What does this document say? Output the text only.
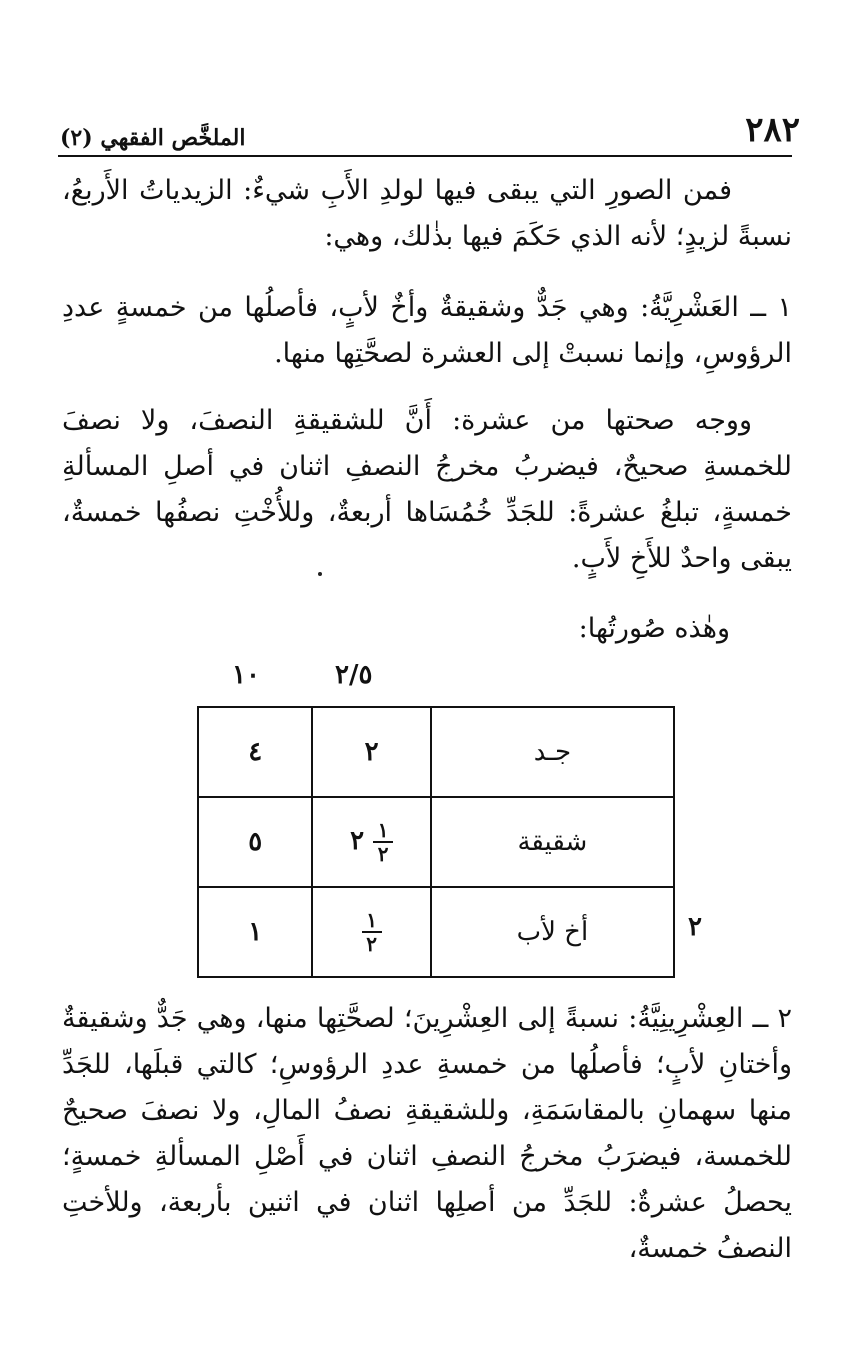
٢٨٢
الملخَّص الفقهي (٢)
فمن الصورِ التي يبقى فيها لولدِ الأَبِ شيءٌ: الزيدياتُ الأَربعُ، نسبةً لزيدٍ؛ لأنه الذي حَكَمَ فيها بذٰلك، وهي:
١ ــ العَشْرِيَّةُ: وهي جَدٌّ وشقيقةٌ وأخٌ لأبٍ، فأصلُها من خمسةٍ عددِ الرؤوسِ، وإنما نسبتْ إلى العشرة لصحَّتِها منها.
ووجه صحتها من عشرة: أَنَّ للشقيقةِ النصفَ، ولا نصفَ للخمسةِ صحيحٌ، فيضربُ مخرجُ النصفِ اثنان في أصلِ المسألةِ خمسةٍ، تبلغُ عشرةً: للجَدِّ خُمُسَاها أربعةٌ، وللأُخْتِ نصفُها خمسةٌ، يبقى واحدٌ للأَخِ لأَبٍ.
وهٰذه صُورتُها:
١٠	٢/٥
٤	٢	جـد
٥	٢ $\frac{١}{٢}$	شقيقة
١	$\frac{١}{٢}$	أخ لأب	٢
٢ ــ العِشْرِينِيَّةُ: نسبةً إلى العِشْرِينَ؛ لصحَّتِها منها، وهي جَدٌّ وشقيقةٌ وأختانِ لأبٍ؛ فأصلُها من خمسةِ عددِ الرؤوسِ؛ كالتي قبلَها، للجَدِّ منها سهمانِ بالمقاسَمَةِ، وللشقيقةِ نصفُ المالِ، ولا نصفَ صحيحٌ للخمسة، فيضرَبُ مخرجُ النصفِ اثنان في أَصْلِ المسألةِ خمسةٍ؛ يحصلُ عشرةٌ: للجَدِّ من أصلِها اثنان في اثنين بأربعة، وللأختِ النصفُ خمسةٌ،
